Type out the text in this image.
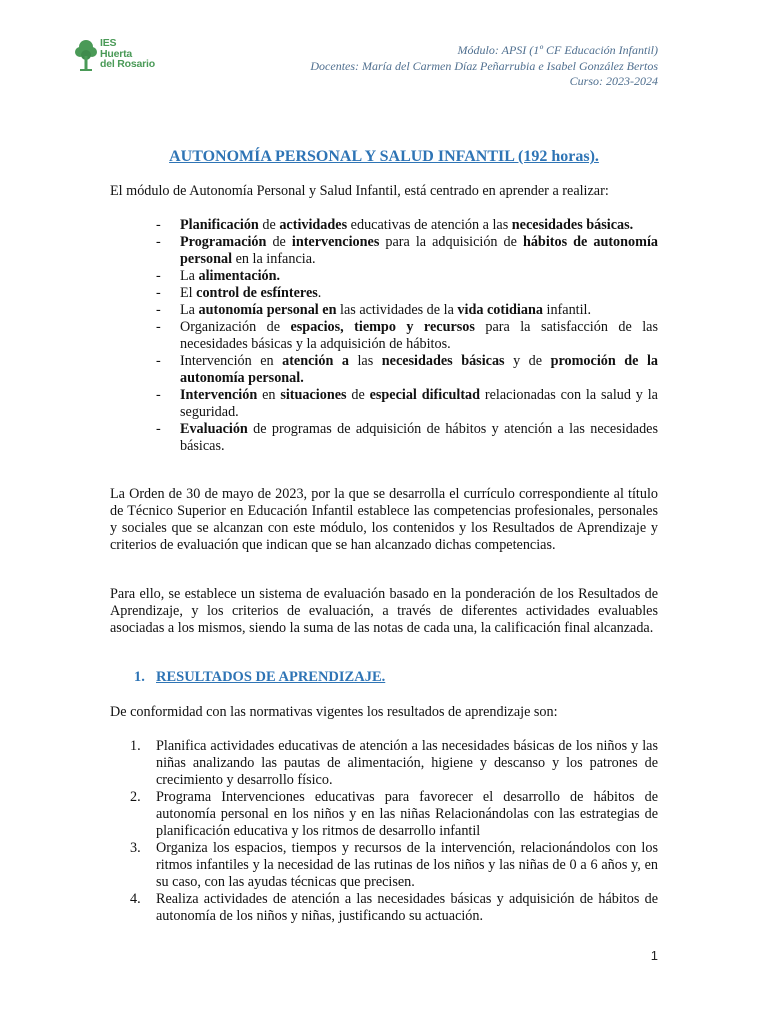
IES
Huerta
del Rosario
Módulo: APSI (1º CF Educación Infantil)
Docentes: María del Carmen Díaz Peñarrubia e Isabel González Bertos
Curso: 2023-2024
AUTONOMÍA PERSONAL Y SALUD INFANTIL (192 horas).
El módulo de Autonomía Personal y Salud Infantil, está centrado en aprender a realizar:
- Planificación de actividades educativas de atención a las necesidades básicas.
- Programación de intervenciones para la adquisición de hábitos de autonomía personal en la infancia.
- La alimentación.
- El control de esfínteres.
- La autonomía personal en las actividades de la vida cotidiana infantil.
- Organización de espacios, tiempo y recursos para la satisfacción de las necesidades básicas y la adquisición de hábitos.
- Intervención en atención a las necesidades básicas y de promoción de la autonomía personal.
- Intervención en situaciones de especial dificultad relacionadas con la salud y la seguridad.
- Evaluación de programas de adquisición de hábitos y atención a las necesidades básicas.
La Orden de 30 de mayo de 2023, por la que se desarrolla el currículo correspondiente al título de Técnico Superior en Educación Infantil establece las competencias profesionales, personales y sociales que se alcanzan con este módulo, los contenidos y los Resultados de Aprendizaje y criterios de evaluación que indican que se han alcanzado dichas competencias.
Para ello, se establece un sistema de evaluación basado en la ponderación de los Resultados de Aprendizaje, y los criterios de evaluación, a través de diferentes actividades evaluables asociadas a los mismos, siendo la suma de las notas de cada una, la calificación final alcanzada.
1. RESULTADOS DE APRENDIZAJE.
De conformidad con las normativas vigentes los resultados de aprendizaje son:
1. Planifica actividades educativas de atención a las necesidades básicas de los niños y las niñas analizando las pautas de alimentación, higiene y descanso y los patrones de crecimiento y desarrollo físico.
2. Programa Intervenciones educativas para favorecer el desarrollo de hábitos de autonomía personal en los niños y en las niñas Relacionándolas con las estrategias de planificación educativa y los ritmos de desarrollo infantil
3. Organiza los espacios, tiempos y recursos de la intervención, relacionándolos con los ritmos infantiles y la necesidad de las rutinas de los niños y las niñas de 0 a 6 años y, en su caso, con las ayudas técnicas que precisen.
4. Realiza actividades de atención a las necesidades básicas y adquisición de hábitos de autonomía de los niños y niñas, justificando su actuación.
1
